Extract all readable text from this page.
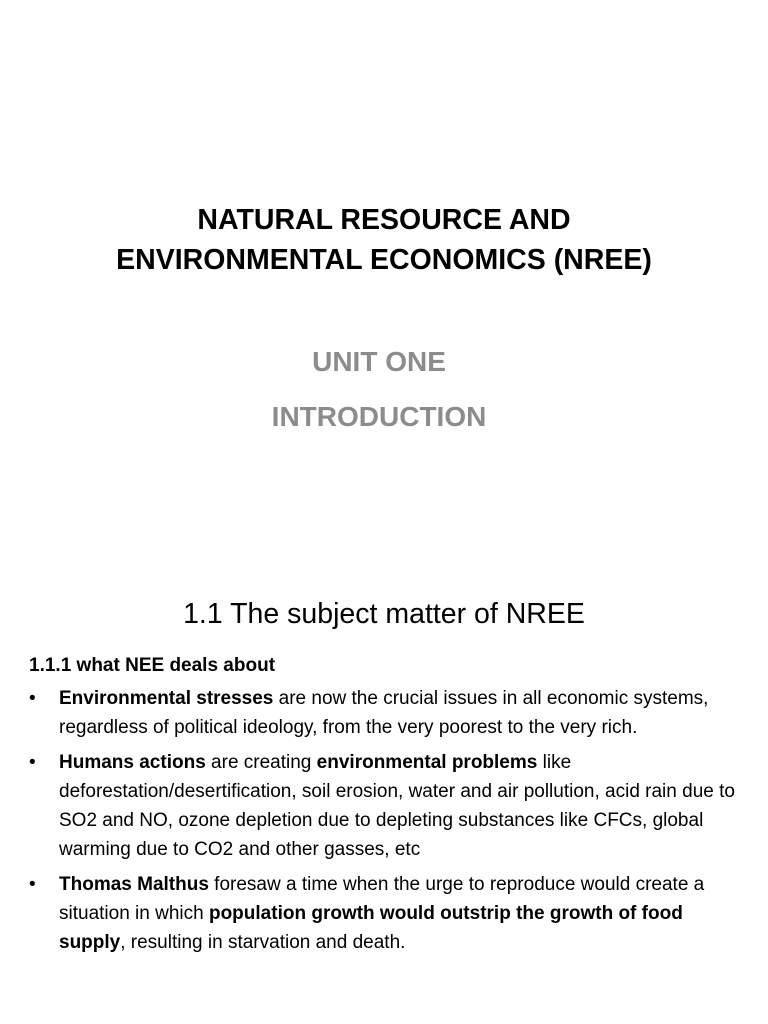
NATURAL RESOURCE AND
ENVIRONMENTAL ECONOMICS (NREE)
UNIT ONE
INTRODUCTION
1.1 The subject matter of NREE
1.1.1 what NEE deals about
• Environmental stresses are now the crucial issues in all economic systems, regardless of political ideology, from the very poorest to the very rich.
• Humans actions are creating environmental problems like deforestation/desertification, soil erosion, water and air pollution, acid rain due to SO2 and NO, ozone depletion due to depleting substances like CFCs, global warming due to CO2 and other gasses, etc
• Thomas Malthus foresaw a time when the urge to reproduce would create a situation in which population growth would outstrip the growth of food supply, resulting in starvation and death.
